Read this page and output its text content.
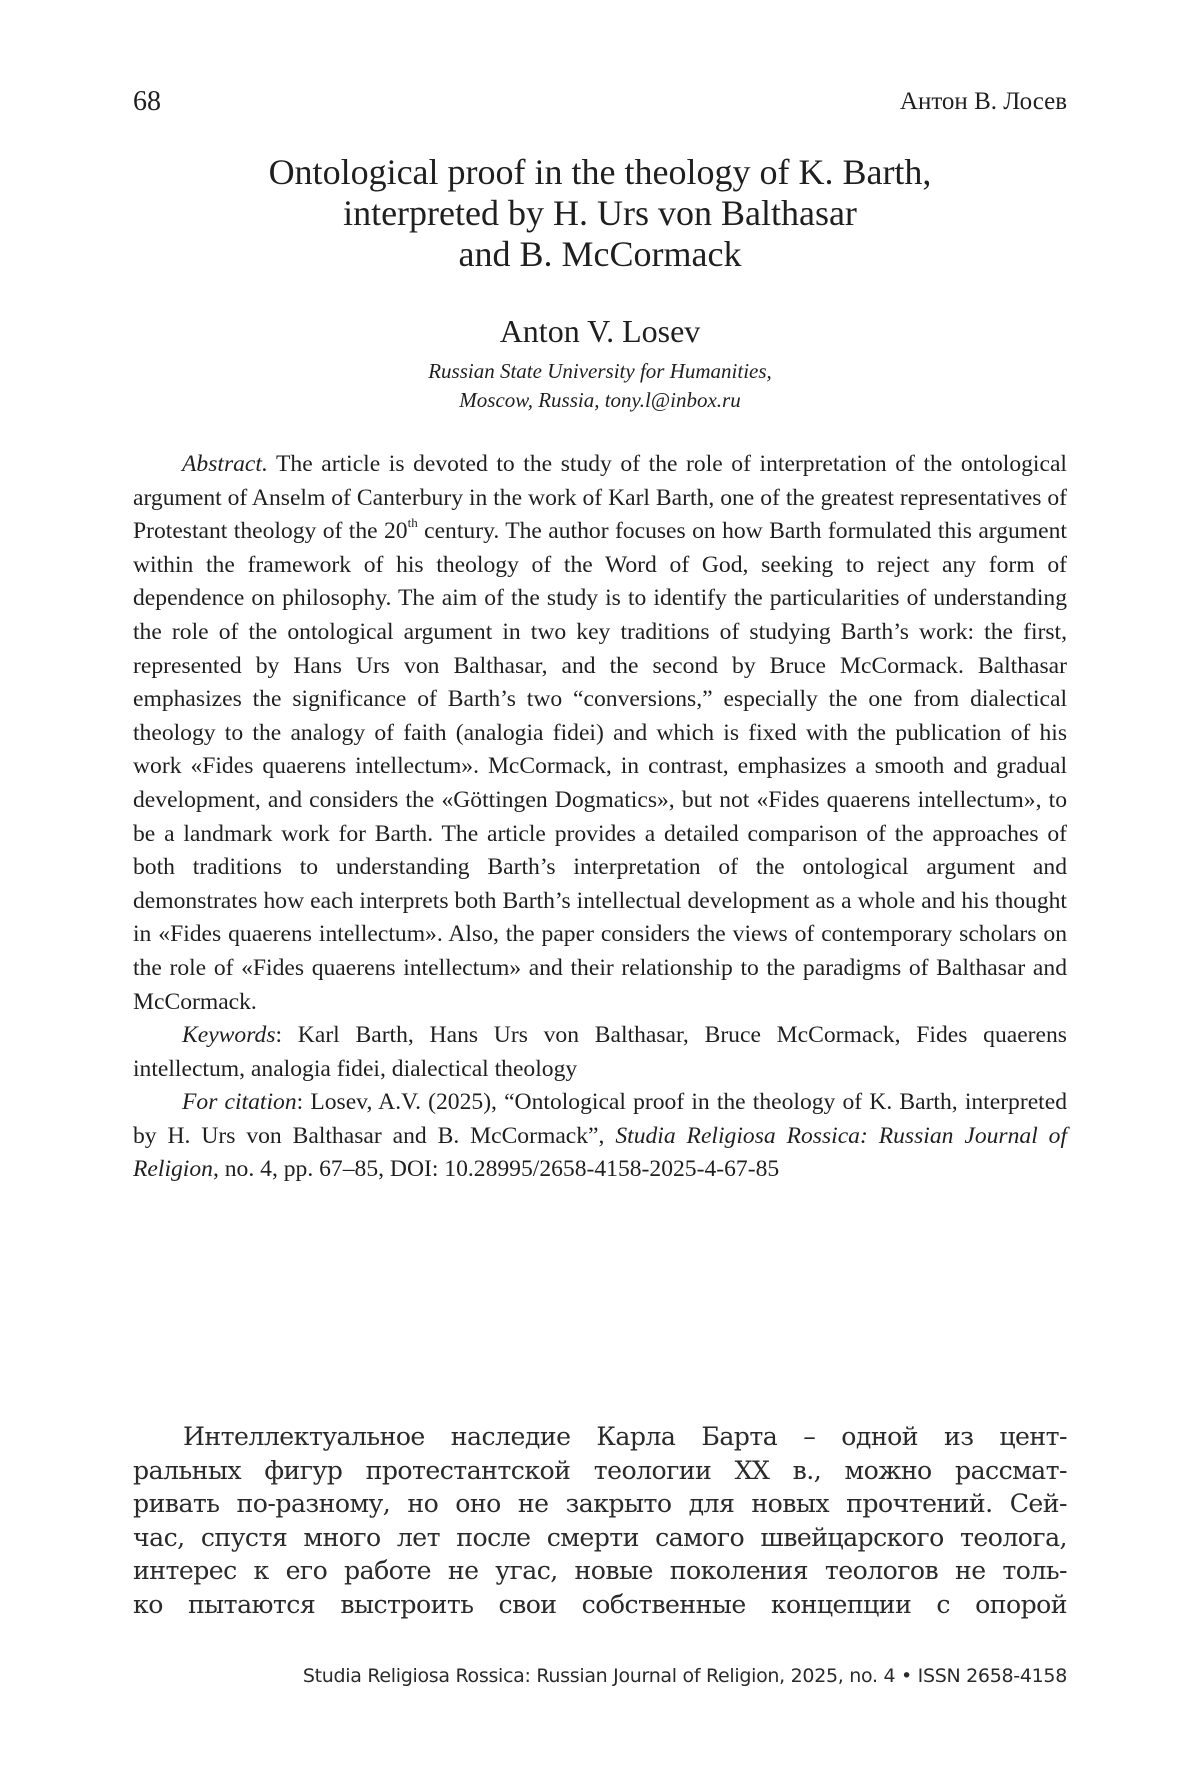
68	Антон В. Лосев
Ontological proof in the theology of K. Barth,
interpreted by H. Urs von Balthasar
and B. McCormack
Anton V. Losev
Russian State University for Humanities,
Moscow, Russia, tony.l@inbox.ru

Abstract. The article is devoted to the study of the role of interpretation of the ontological argument of Anselm of Canterbury in the work of Karl Barth, one of the greatest representatives of Protestant theology of the 20th century. The author focuses on how Barth formulated this argument within the framework of his theology of the Word of God, seeking to reject any form of dependence on philosophy. The aim of the study is to identify the particularities of understanding the role of the ontological argument in two key traditions of studying Barth’s work: the first, represented by Hans Urs von Balthasar, and the second by Bruce McCormack. Balthasar emphasizes the significance of Barth’s two “conversions,” especially the one from dialectical theology to the analogy of faith (analogia fidei) and which is fixed with the publication of his work «Fides quaerens intellectum». McCormack, in contrast, emphasizes a smooth and gradual development, and considers the «Göttingen Dogmatics», but not «Fides quaerens intellectum», to be a landmark work for Barth. The article provides a detailed comparison of the approaches of both traditions to understanding Barth’s interpretation of the ontological argument and demonstrates how each interprets both Barth’s intellectual development as a whole and his thought in «Fides quaerens intellectum». Also, the paper considers the views of contemporary scholars on the role of «Fides quaerens intellectum» and their relationship to the paradigms of Balthasar and McCormack.

Keywords: Karl Barth, Hans Urs von Balthasar, Bruce McCormack, Fides quaerens intellectum, analogia fidei, dialectical theology

For citation: Losev, A.V. (2025), “Ontological proof in the theology of K. Barth, interpreted by H. Urs von Balthasar and B. McCormack”, Studia Religiosa Rossica: Russian Journal of Religion, no. 4, pp. 67–85, DOI: 10.28995/2658-4158-2025-4-67-85

Интеллектуальное наследие Карла Барта – одной из цент-
ральных фигур протестантской теологии XX в., можно рассмат-
ривать по-разному, но оно не закрыто для новых прочтений. Сей-
час, спустя много лет после смерти самого швейцарского теолога,
интерес к его работе не угас, новые поколения теологов не толь-
ко пытаются выстроить свои собственные концепции с опорой
Studia Religiosa Rossica: Russian Journal of Religion, 2025, no. 4 • ISSN 2658-4158
